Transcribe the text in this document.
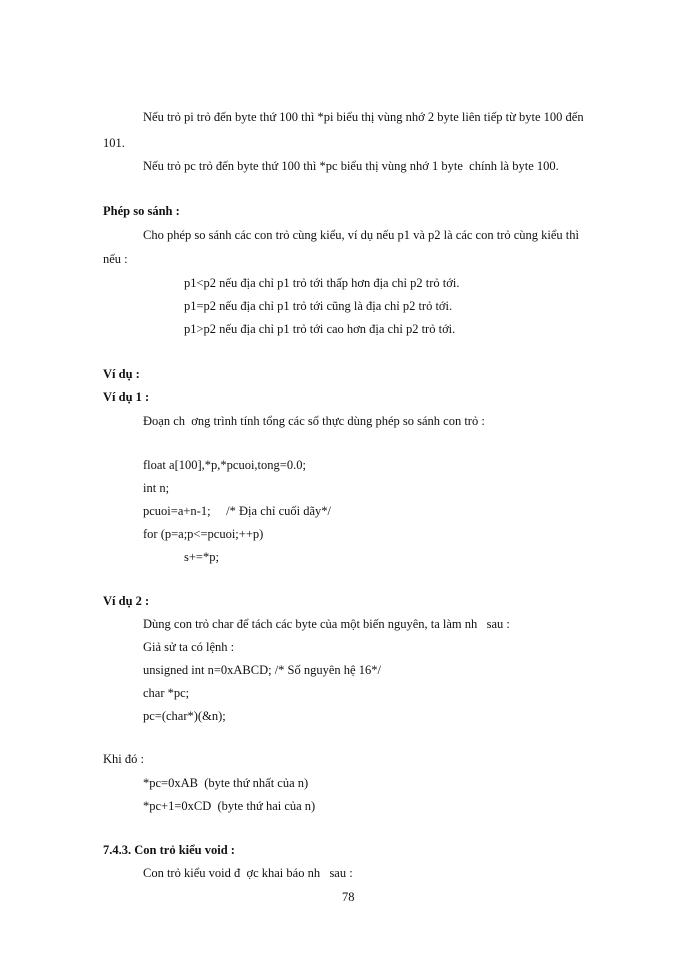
Nếu trỏ pi trỏ đến byte thứ 100 thì *pi biểu thị vùng nhớ 2 byte liên tiếp từ byte 100 đến
101.
Nếu trỏ pc trỏ đến byte thứ 100 thì *pc biểu thị vùng nhớ 1 byte  chính là byte 100.
Phép so sánh :
Cho phép so sánh các con trỏ cùng kiểu, ví dụ nếu p1 và p2 là các con trỏ cùng kiểu thì
nếu :
p1<p2 nếu địa chỉ p1 trỏ tới thấp hơn địa chỉ p2 trỏ tới.
p1=p2 nếu địa chỉ p1 trỏ tới cũng là địa chỉ p2 trỏ tới.
p1>p2 nếu địa chỉ p1 trỏ tới cao hơn địa chỉ p2 trỏ tới.
Ví dụ :
Ví dụ 1 :
Đoạn ch  ơng trình tính tổng các số thực dùng phép so sánh con trỏ :
float a[100],*p,*pcuoi,tong=0.0;
int n;
pcuoi=a+n-1;     /* Địa chỉ cuối dãy*/
for (p=a;p<=pcuoi;++p)
s+=*p;
Ví dụ 2 :
Dùng con trỏ char để tách các byte của một biến nguyên, ta làm nh   sau :
Giả sử ta có lệnh :
unsigned int n=0xABCD; /* Số nguyên hệ 16*/
char *pc;
pc=(char*)(&n);
Khi đó :
*pc=0xAB  (byte thứ nhất của n)
*pc+1=0xCD  (byte thứ hai của n)
7.4.3. Con trỏ kiểu void :
Con trỏ kiểu void đ  ợc khai báo nh   sau :
78
